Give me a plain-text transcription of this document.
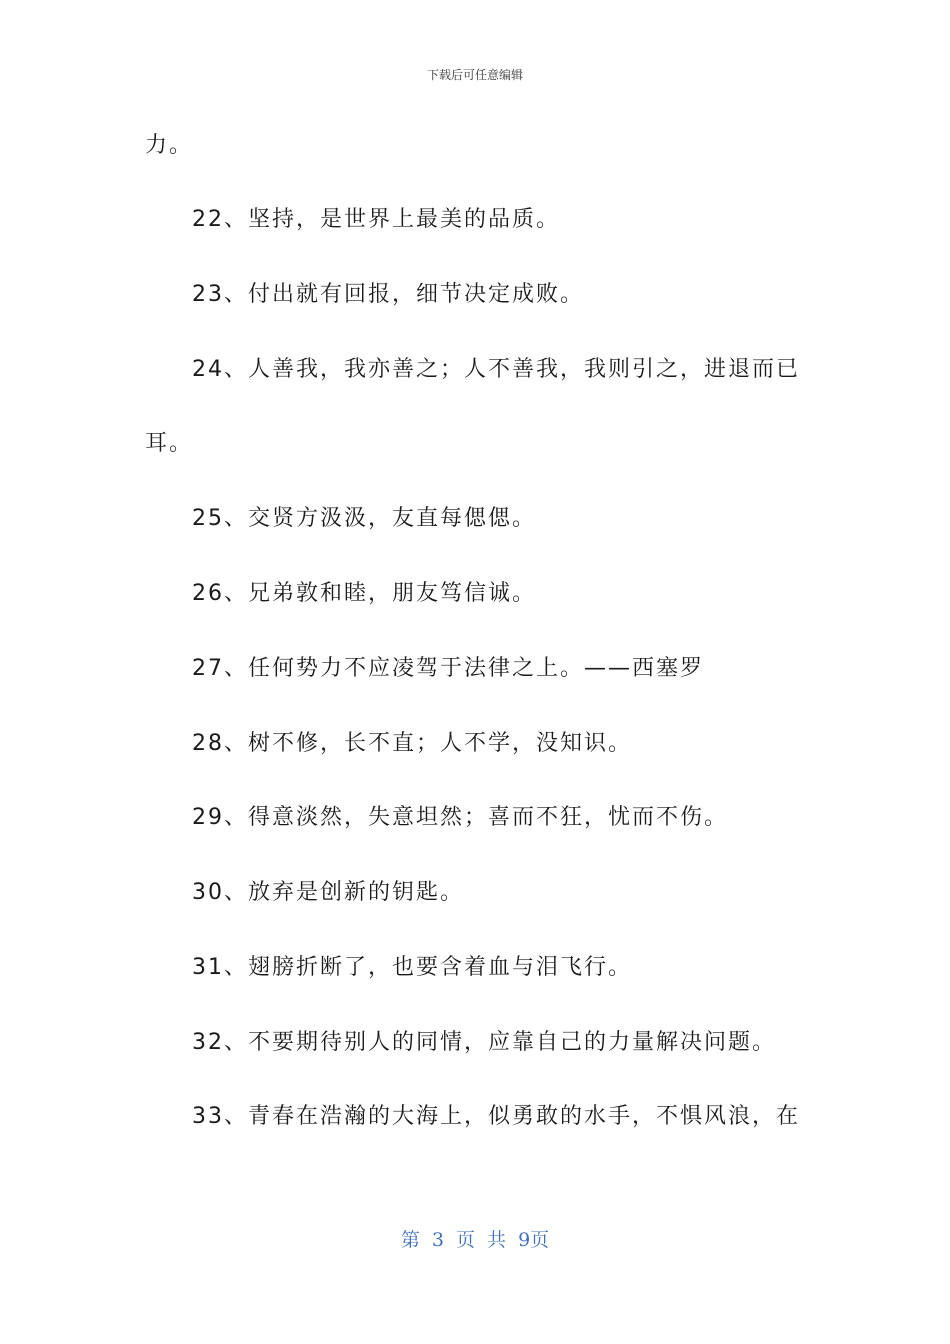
下载后可任意编辑
力。
22、坚持，是世界上最美的品质。
23、付出就有回报，细节决定成败。
24、人善我，我亦善之；人不善我，我则引之，进退而已
耳。
25、交贤方汲汲，友直每偲偲。
26、兄弟敦和睦，朋友笃信诚。
27、任何势力不应凌驾于法律之上。——西塞罗
28、树不修，长不直；人不学，没知识。
29、得意淡然，失意坦然；喜而不狂，忧而不伤。
30、放弃是创新的钥匙。
31、翅膀折断了，也要含着血与泪飞行。
32、不要期待别人的同情，应靠自己的力量解决问题。
33、青春在浩瀚的大海上，似勇敢的水手，不惧风浪，在
第 3 页 共 9页
